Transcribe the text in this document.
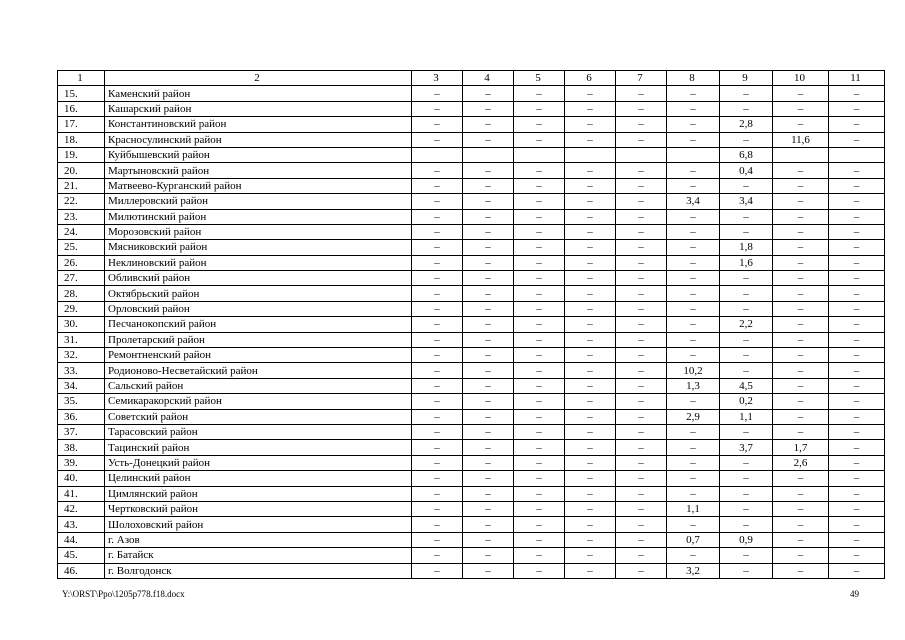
1	2	3	4	5	6	7	8	9	10	11
15.	Каменский район	–	–	–	–	–	–	–	–	–
16.	Кашарский район	–	–	–	–	–	–	–	–	–
17.	Константиновский район	–	–	–	–	–	–	2,8	–	–
18.	Красносулинский район	–	–	–	–	–	–	–	11,6	–
19.	Куйбышевский район							6,8		
20.	Мартыновский район	–	–	–	–	–	–	0,4	–	–
21.	Матвеево-Курганский район	–	–	–	–	–	–	–	–	–
22.	Миллеровский район	–	–	–	–	–	3,4	3,4	–	–
23.	Милютинский район	–	–	–	–	–	–	–	–	–
24.	Морозовский район	–	–	–	–	–	–	–	–	–
25.	Мясниковский район	–	–	–	–	–	–	1,8	–	–
26.	Неклиновский район	–	–	–	–	–	–	1,6	–	–
27.	Обливский район	–	–	–	–	–	–	–	–	–
28.	Октябрьский район	–	–	–	–	–	–	–	–	–
29.	Орловский район	–	–	–	–	–	–	–	–	–
30.	Песчанокопский район	–	–	–	–	–	–	2,2	–	–
31.	Пролетарский район	–	–	–	–	–	–	–	–	–
32.	Ремонтненский район	–	–	–	–	–	–	–	–	–
33.	Родионово-Несветайский район	–	–	–	–	–	10,2	–	–	–
34.	Сальский район	–	–	–	–	–	1,3	4,5	–	–
35.	Семикаракорский район	–	–	–	–	–	–	0,2	–	–
36.	Советский район	–	–	–	–	–	2,9	1,1	–	–
37.	Тарасовский район	–	–	–	–	–	–	–	–	–
38.	Тацинский район	–	–	–	–	–	–	3,7	1,7	–
39.	Усть-Донецкий район	–	–	–	–	–	–	–	2,6	–
40.	Целинский район	–	–	–	–	–	–	–	–	–
41.	Цимлянский район	–	–	–	–	–	–	–	–	–
42.	Чертковский район	–	–	–	–	–	1,1	–	–	–
43.	Шолоховский район	–	–	–	–	–	–	–	–	–
44.	г. Азов	–	–	–	–	–	0,7	0,9	–	–
45.	г. Батайск	–	–	–	–	–	–	–	–	–
46.	г. Волгодонск	–	–	–	–	–	3,2	–	–	–
Y:\ORST\Ppo\1205p778.f18.docx	49
